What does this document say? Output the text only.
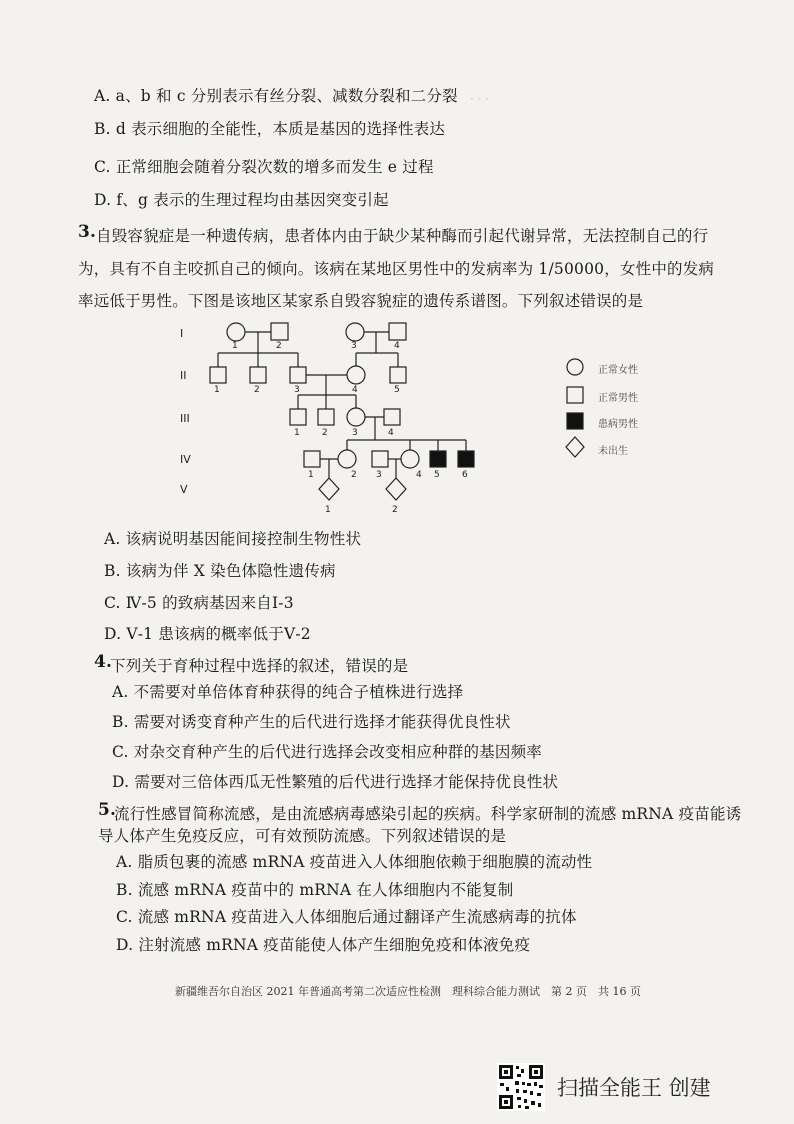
· · ·
A. a、b 和 c 分别表示有丝分裂、减数分裂和二分裂
B. d 表示细胞的全能性，本质是基因的选择性表达
C. 正常细胞会随着分裂次数的增多而发生 e 过程
D. f、g 表示的生理过程均由基因突变引起
3. 自毁容貌症是一种遗传病，患者体内由于缺少某种酶而引起代谢异常，无法控制自己的行
为，具有不自主咬抓自己的倾向。该病在某地区男性中的发病率为 1/50000，女性中的发病
率远低于男性。下图是该地区某家系自毁容貌症的遗传系谱图。下列叙述错误的是
I
II
III
IV
V
1	2	3	4
1	2	3	4	5
1 2	3	4
1	2 3	4 5 6
1	2
正常女性
正常男性
患病男性
未出生
A. 该病说明基因能间接控制生物性状
B. 该病为伴 X 染色体隐性遗传病
C. Ⅳ-5 的致病基因来自Ⅰ-3
D. Ⅴ-1 患该病的概率低于Ⅴ-2
4.
下列关于育种过程中选择的叙述，错误的是
A. 不需要对单倍体育种获得的纯合子植株进行选择
B. 需要对诱变育种产生的后代进行选择才能获得优良性状
C. 对杂交育种产生的后代进行选择会改变相应种群的基因频率
D. 需要对三倍体西瓜无性繁殖的后代进行选择才能保持优良性状
5.
流行性感冒简称流感，是由流感病毒感染引起的疾病。科学家研制的流感 mRNA 疫苗能诱
导人体产生免疫反应，可有效预防流感。下列叙述错误的是
A. 脂质包裹的流感 mRNA 疫苗进入人体细胞依赖于细胞膜的流动性
B. 流感 mRNA 疫苗中的 mRNA 在人体细胞内不能复制
C. 流感 mRNA 疫苗进入人体细胞后通过翻译产生流感病毒的抗体
D. 注射流感 mRNA 疫苗能使人体产生细胞免疫和体液免疫
新疆维吾尔自治区 2021 年普通高考第二次适应性检测　理科综合能力测试　第 2 页　共 16 页
扫描全能王 创建
